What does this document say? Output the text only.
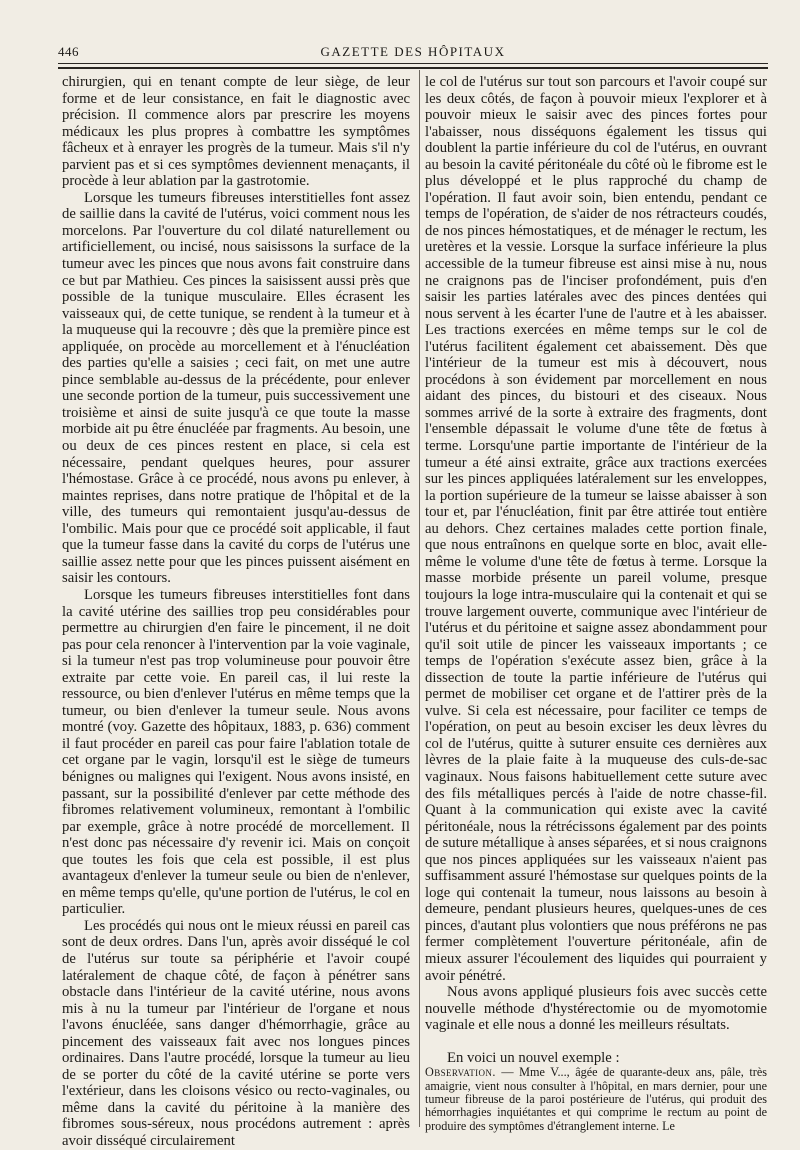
446	GAZETTE DES HÔPITAUX

chirurgien, qui en tenant compte de leur siège, de leur forme et de leur consistance, en fait le diagnostic avec précision. Il commence alors par prescrire les moyens médicaux les plus propres à combattre les symptômes fâcheux et à enrayer les progrès de la tumeur. Mais s'il n'y parvient pas et si ces symptômes deviennent menaçants, il procède à leur ablation par la gastrotomie.

Lorsque les tumeurs fibreuses interstitielles font assez de saillie dans la cavité de l'utérus, voici comment nous les morcelons. Par l'ouverture du col dilaté naturellement ou artificiellement, ou incisé, nous saisissons la surface de la tumeur avec les pinces que nous avons fait construire dans ce but par Mathieu. Ces pinces la saisissent aussi près que possible de la tunique musculaire. Elles écrasent les vaisseaux qui, de cette tunique, se rendent à la tumeur et à la muqueuse qui la recouvre ; dès que la première pince est appliquée, on procède au morcellement et à l'énucléation des parties qu'elle a saisies ; ceci fait, on met une autre pince semblable au-dessus de la précédente, pour enlever une seconde portion de la tumeur, puis successivement une troisième et ainsi de suite jusqu'à ce que toute la masse morbide ait pu être énucléée par fragments. Au besoin, une ou deux de ces pinces restent en place, si cela est nécessaire, pendant quelques heures, pour assurer l'hémostase. Grâce à ce procédé, nous avons pu enlever, à maintes reprises, dans notre pratique de l'hôpital et de la ville, des tumeurs qui remontaient jusqu'au-dessus de l'ombilic. Mais pour que ce procédé soit applicable, il faut que la tumeur fasse dans la cavité du corps de l'utérus une saillie assez nette pour que les pinces puissent aisément en saisir les contours.

Lorsque les tumeurs fibreuses interstitielles font dans la cavité utérine des saillies trop peu considérables pour permettre au chirurgien d'en faire le pincement, il ne doit pas pour cela renoncer à l'intervention par la voie vaginale, si la tumeur n'est pas trop volumineuse pour pouvoir être extraite par cette voie. En pareil cas, il lui reste la ressource, ou bien d'enlever l'utérus en même temps que la tumeur, ou bien d'enlever la tumeur seule. Nous avons montré (voy. Gazette des hôpitaux, 1883, p. 636) comment il faut procéder en pareil cas pour faire l'ablation totale de cet organe par le vagin, lorsqu'il est le siège de tumeurs bénignes ou malignes qui l'exigent. Nous avons insisté, en passant, sur la possibilité d'enlever par cette méthode des fibromes relativement volumineux, remontant à l'ombilic par exemple, grâce à notre procédé de morcellement. Il n'est donc pas nécessaire d'y revenir ici. Mais on conçoit que toutes les fois que cela est possible, il est plus avantageux d'enlever la tumeur seule ou bien de n'enlever, en même temps qu'elle, qu'une portion de l'utérus, le col en particulier.

Les procédés qui nous ont le mieux réussi en pareil cas sont de deux ordres. Dans l'un, après avoir disséqué le col de l'utérus sur toute sa périphérie et l'avoir coupé latéralement de chaque côté, de façon à pénétrer sans obstacle dans l'intérieur de la cavité utérine, nous avons mis à nu la tumeur par l'intérieur de l'organe et nous l'avons énucléée, sans danger d'hémorrhagie, grâce au pincement des vaisseaux fait avec nos longues pinces ordinaires. Dans l'autre procédé, lorsque la tumeur au lieu de se porter du côté de la cavité utérine se porte vers l'extérieur, dans les cloisons vésico ou recto-vaginales, ou même dans la cavité du péritoine à la manière des fibromes sous-séreux, nous procédons autrement : après avoir disséqué circulairement

le col de l'utérus sur tout son parcours et l'avoir coupé sur les deux côtés, de façon à pouvoir mieux l'explorer et à pouvoir mieux le saisir avec des pinces fortes pour l'abaisser, nous disséquons également les tissus qui doublent la partie inférieure du col de l'utérus, en ouvrant au besoin la cavité péritonéale du côté où le fibrome est le plus développé et le plus rapproché du champ de l'opération. Il faut avoir soin, bien entendu, pendant ce temps de l'opération, de s'aider de nos rétracteurs coudés, de nos pinces hémostatiques, et de ménager le rectum, les uretères et la vessie. Lorsque la surface inférieure la plus accessible de la tumeur fibreuse est ainsi mise à nu, nous ne craignons pas de l'inciser profondément, puis d'en saisir les parties latérales avec des pinces dentées qui nous servent à les écarter l'une de l'autre et à les abaisser. Les tractions exercées en même temps sur le col de l'utérus facilitent également cet abaissement. Dès que l'intérieur de la tumeur est mis à découvert, nous procédons à son évidement par morcellement en nous aidant des pinces, du bistouri et des ciseaux. Nous sommes arrivé de la sorte à extraire des fragments, dont l'ensemble dépassait le volume d'une tête de fœtus à terme. Lorsqu'une partie importante de l'intérieur de la tumeur a été ainsi extraite, grâce aux tractions exercées sur les pinces appliquées latéralement sur les enveloppes, la portion supérieure de la tumeur se laisse abaisser à son tour et, par l'énucléation, finit par être attirée tout entière au dehors. Chez certaines malades cette portion finale, que nous entraînons en quelque sorte en bloc, avait elle-même le volume d'une tête de fœtus à terme. Lorsque la masse morbide présente un pareil volume, presque toujours la loge intra-musculaire qui la contenait et qui se trouve largement ouverte, communique avec l'intérieur de l'utérus et du péritoine et saigne assez abondamment pour qu'il soit utile de pincer les vaisseaux importants ; ce temps de l'opération s'exécute assez bien, grâce à la dissection de toute la partie inférieure de l'utérus qui permet de mobiliser cet organe et de l'attirer près de la vulve. Si cela est nécessaire, pour faciliter ce temps de l'opération, on peut au besoin exciser les deux lèvres du col de l'utérus, quitte à suturer ensuite ces dernières aux lèvres de la plaie faite à la muqueuse des culs-de-sac vaginaux. Nous faisons habituellement cette suture avec des fils métalliques percés à l'aide de notre chasse-fil. Quant à la communication qui existe avec la cavité péritonéale, nous la rétrécissons également par des points de suture métallique à anses séparées, et si nous craignons que nos pinces appliquées sur les vaisseaux n'aient pas suffisamment assuré l'hémostase sur quelques points de la loge qui contenait la tumeur, nous laissons au besoin à demeure, pendant plusieurs heures, quelques-unes de ces pinces, d'autant plus volontiers que nous préférons ne pas fermer complètement l'ouverture péritonéale, afin de mieux assurer l'écoulement des liquides qui pourraient y avoir pénétré.

Nous avons appliqué plusieurs fois avec succès cette nouvelle méthode d'hystérectomie ou de myomotomie vaginale et elle nous a donné les meilleurs résultats.

En voici un nouvel exemple :

Observation. — Mme V..., âgée de quarante-deux ans, pâle, très amaigrie, vient nous consulter à l'hôpital, en mars dernier, pour une tumeur fibreuse de la paroi postérieure de l'utérus, qui produit des hémorrhagies inquiétantes et qui comprime le rectum au point de produire des symptômes d'étranglement interne. Le
